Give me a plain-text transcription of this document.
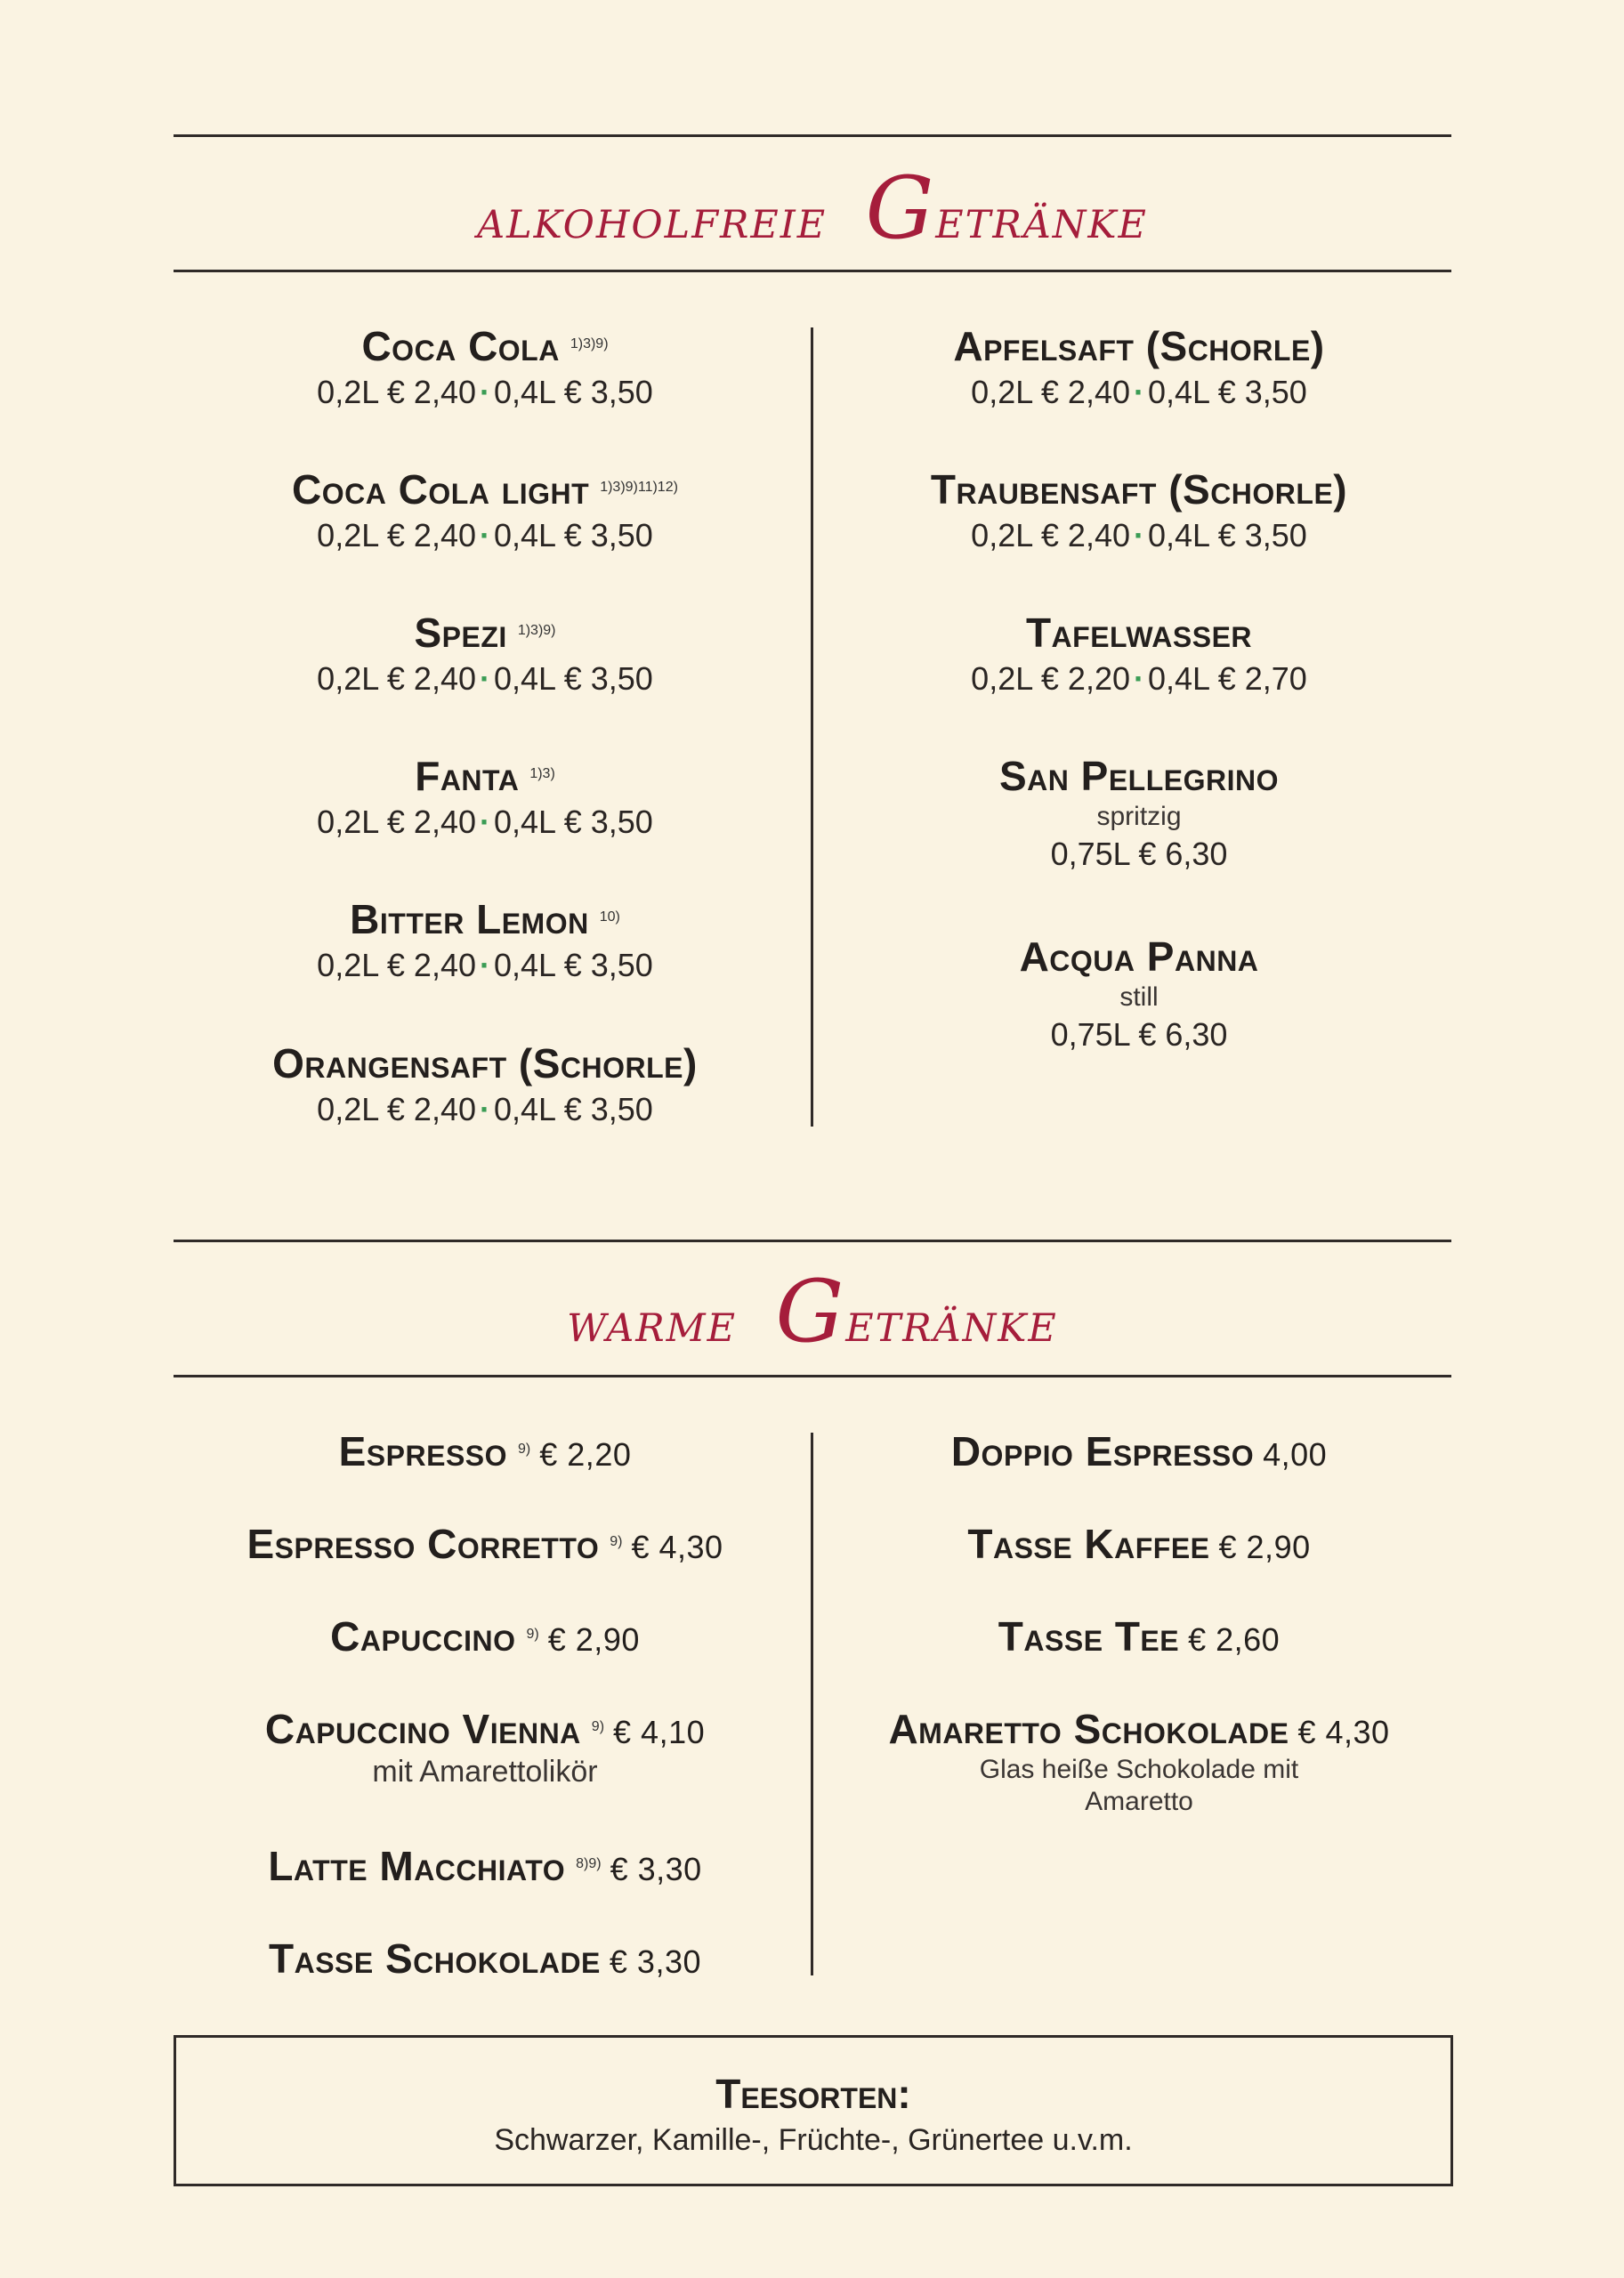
alkoholfreie Getränke
Coca Cola $^{1)3)9)}$
0,2L € 2,40 · 0,4L € 3,50
Coca Cola light $^{1)3)9)11)12)}$
0,2L € 2,40 · 0,4L € 3,50
Spezi $^{1)3)9)}$
0,2L € 2,40 · 0,4L € 3,50
Fanta $^{1)3)}$
0,2L € 2,40 · 0,4L € 3,50
Bitter Lemon $^{10)}$
0,2L € 2,40 · 0,4L € 3,50
Orangensaft (Schorle)
0,2L € 2,40 · 0,4L € 3,50
Apfelsaft (Schorle)
0,2L € 2,40 · 0,4L € 3,50
Traubensaft (Schorle)
0,2L € 2,40 · 0,4L € 3,50
Tafelwasser
0,2L € 2,20 · 0,4L € 2,70
San Pellegrino
spritzig
0,75L € 6,30
Acqua Panna
still
0,75L € 6,30
warme Getränke
Espresso $^{9)}$ € 2,20
Espresso Corretto $^{9)}$ € 4,30
Capuccino $^{9)}$ € 2,90
Capuccino Vienna $^{9)}$ € 4,10
mit Amarettolikör
Latte Macchiato $^{8)9)}$ € 3,30
Tasse Schokolade € 3,30
Doppio Espresso 4,00
Tasse Kaffee € 2,90
Tasse Tee € 2,60
Amaretto Schokolade € 4,30
Glas heiße Schokolade mit
Amaretto
Teesorten:
Schwarzer, Kamille-, Früchte-, Grünertee u.v.m.
